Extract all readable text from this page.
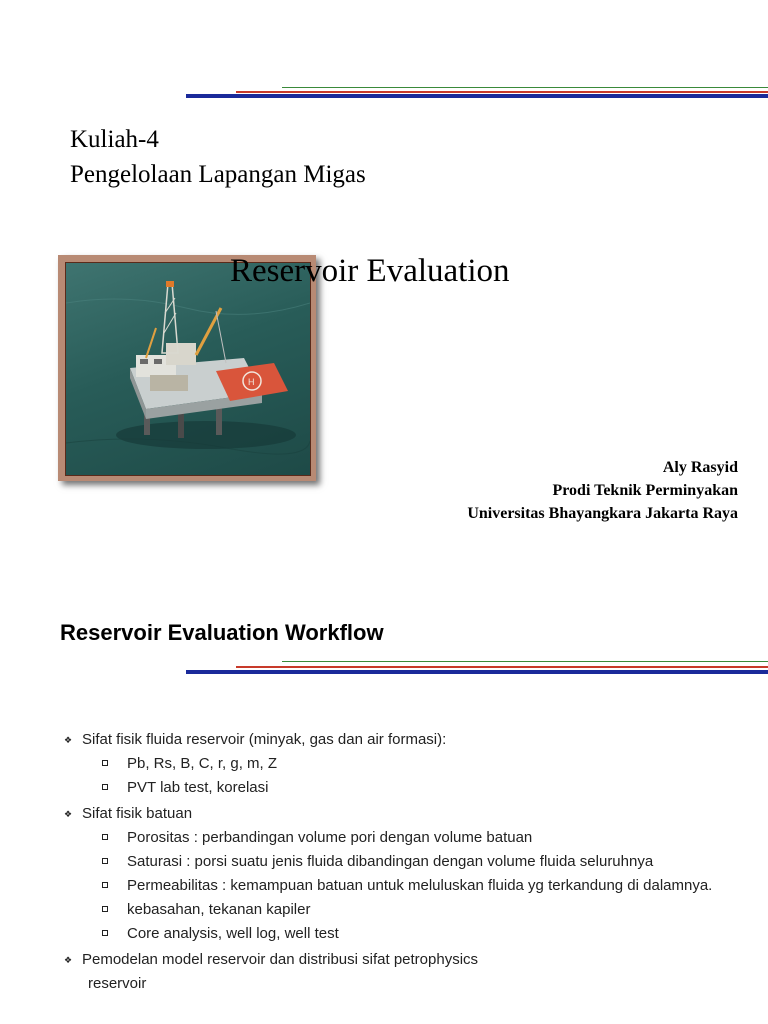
Kuliah-4
Pengelolaan Lapangan Migas
H
Reservoir Evaluation
Aly Rasyid
Prodi Teknik Perminyakan
Universitas Bhayangkara Jakarta Raya
Reservoir Evaluation Workflow
❖ Sifat fisik fluida reservoir (minyak, gas dan air formasi):
Pb, Rs, B, C, r, g, m, Z
PVT lab test, korelasi
❖ Sifat fisik batuan
Porositas : perbandingan volume pori dengan volume batuan
Saturasi : porsi suatu jenis fluida dibandingan dengan volume fluida seluruhnya
Permeabilitas : kemampuan batuan untuk meluluskan fluida yg terkandung di dalamnya.
kebasahan, tekanan kapiler
Core analysis, well log, well test
❖ Pemodelan model reservoir dan distribusi sifat petrophysics
reservoir
